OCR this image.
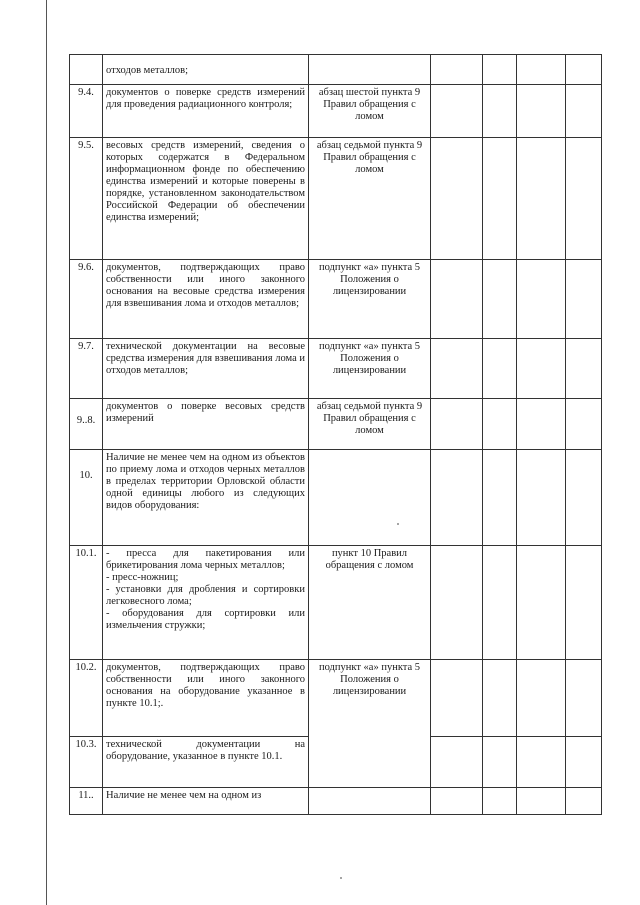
	отходов металлов;					
9.4.	документов о поверке средств измерений для проведения радиационного контроля;	абзац шестой пункта 9 Правил обращения с ломом				
9.5.	весовых средств измерений, сведения о которых содержатся в Федеральном информационном фонде по обеспечению единства измерений и которые поверены в порядке, установленном законодательством Российской Федерации об обеспечении единства измерений;	абзац седьмой пункта 9 Правил обращения с ломом				
9.6.	документов, подтверждающих право собственности или иного законного основания на весовые средства измерения для взвешивания лома и отходов металлов;	подпункт «а» пункта 5 Положения о лицензировании				
9.7.	технической документации на весовые средства измерения для взвешивания лома и отходов металлов;	подпункт «а» пункта 5 Положения о лицензировании				
9..8.	документов о поверке весовых средств измерений	абзац седьмой пункта 9 Правил обращения с ломом				
10.	Наличие не менее чем на одном из объектов по приему лома и отходов черных металлов в пределах территории Орловской области одной единицы любого из следующих видов оборудования:					
10.1.	- пресса для пакетирования или брикетирования лома черных металлов;
- пресс-ножниц;
- установки для дробления и сортировки легковесного лома;
- оборудования для сортировки или измельчения стружки;	пункт 10 Правил обращения с ломом				
10.2.	документов, подтверждающих право собственности или иного законного основания на оборудование указанное в пункте 10.1;.	подпункт «а» пункта 5 Положения о лицензировании				
10.3.	технической документации на оборудование, указанное в пункте 10.1.					
11..	Наличие не менее чем на одном из					
